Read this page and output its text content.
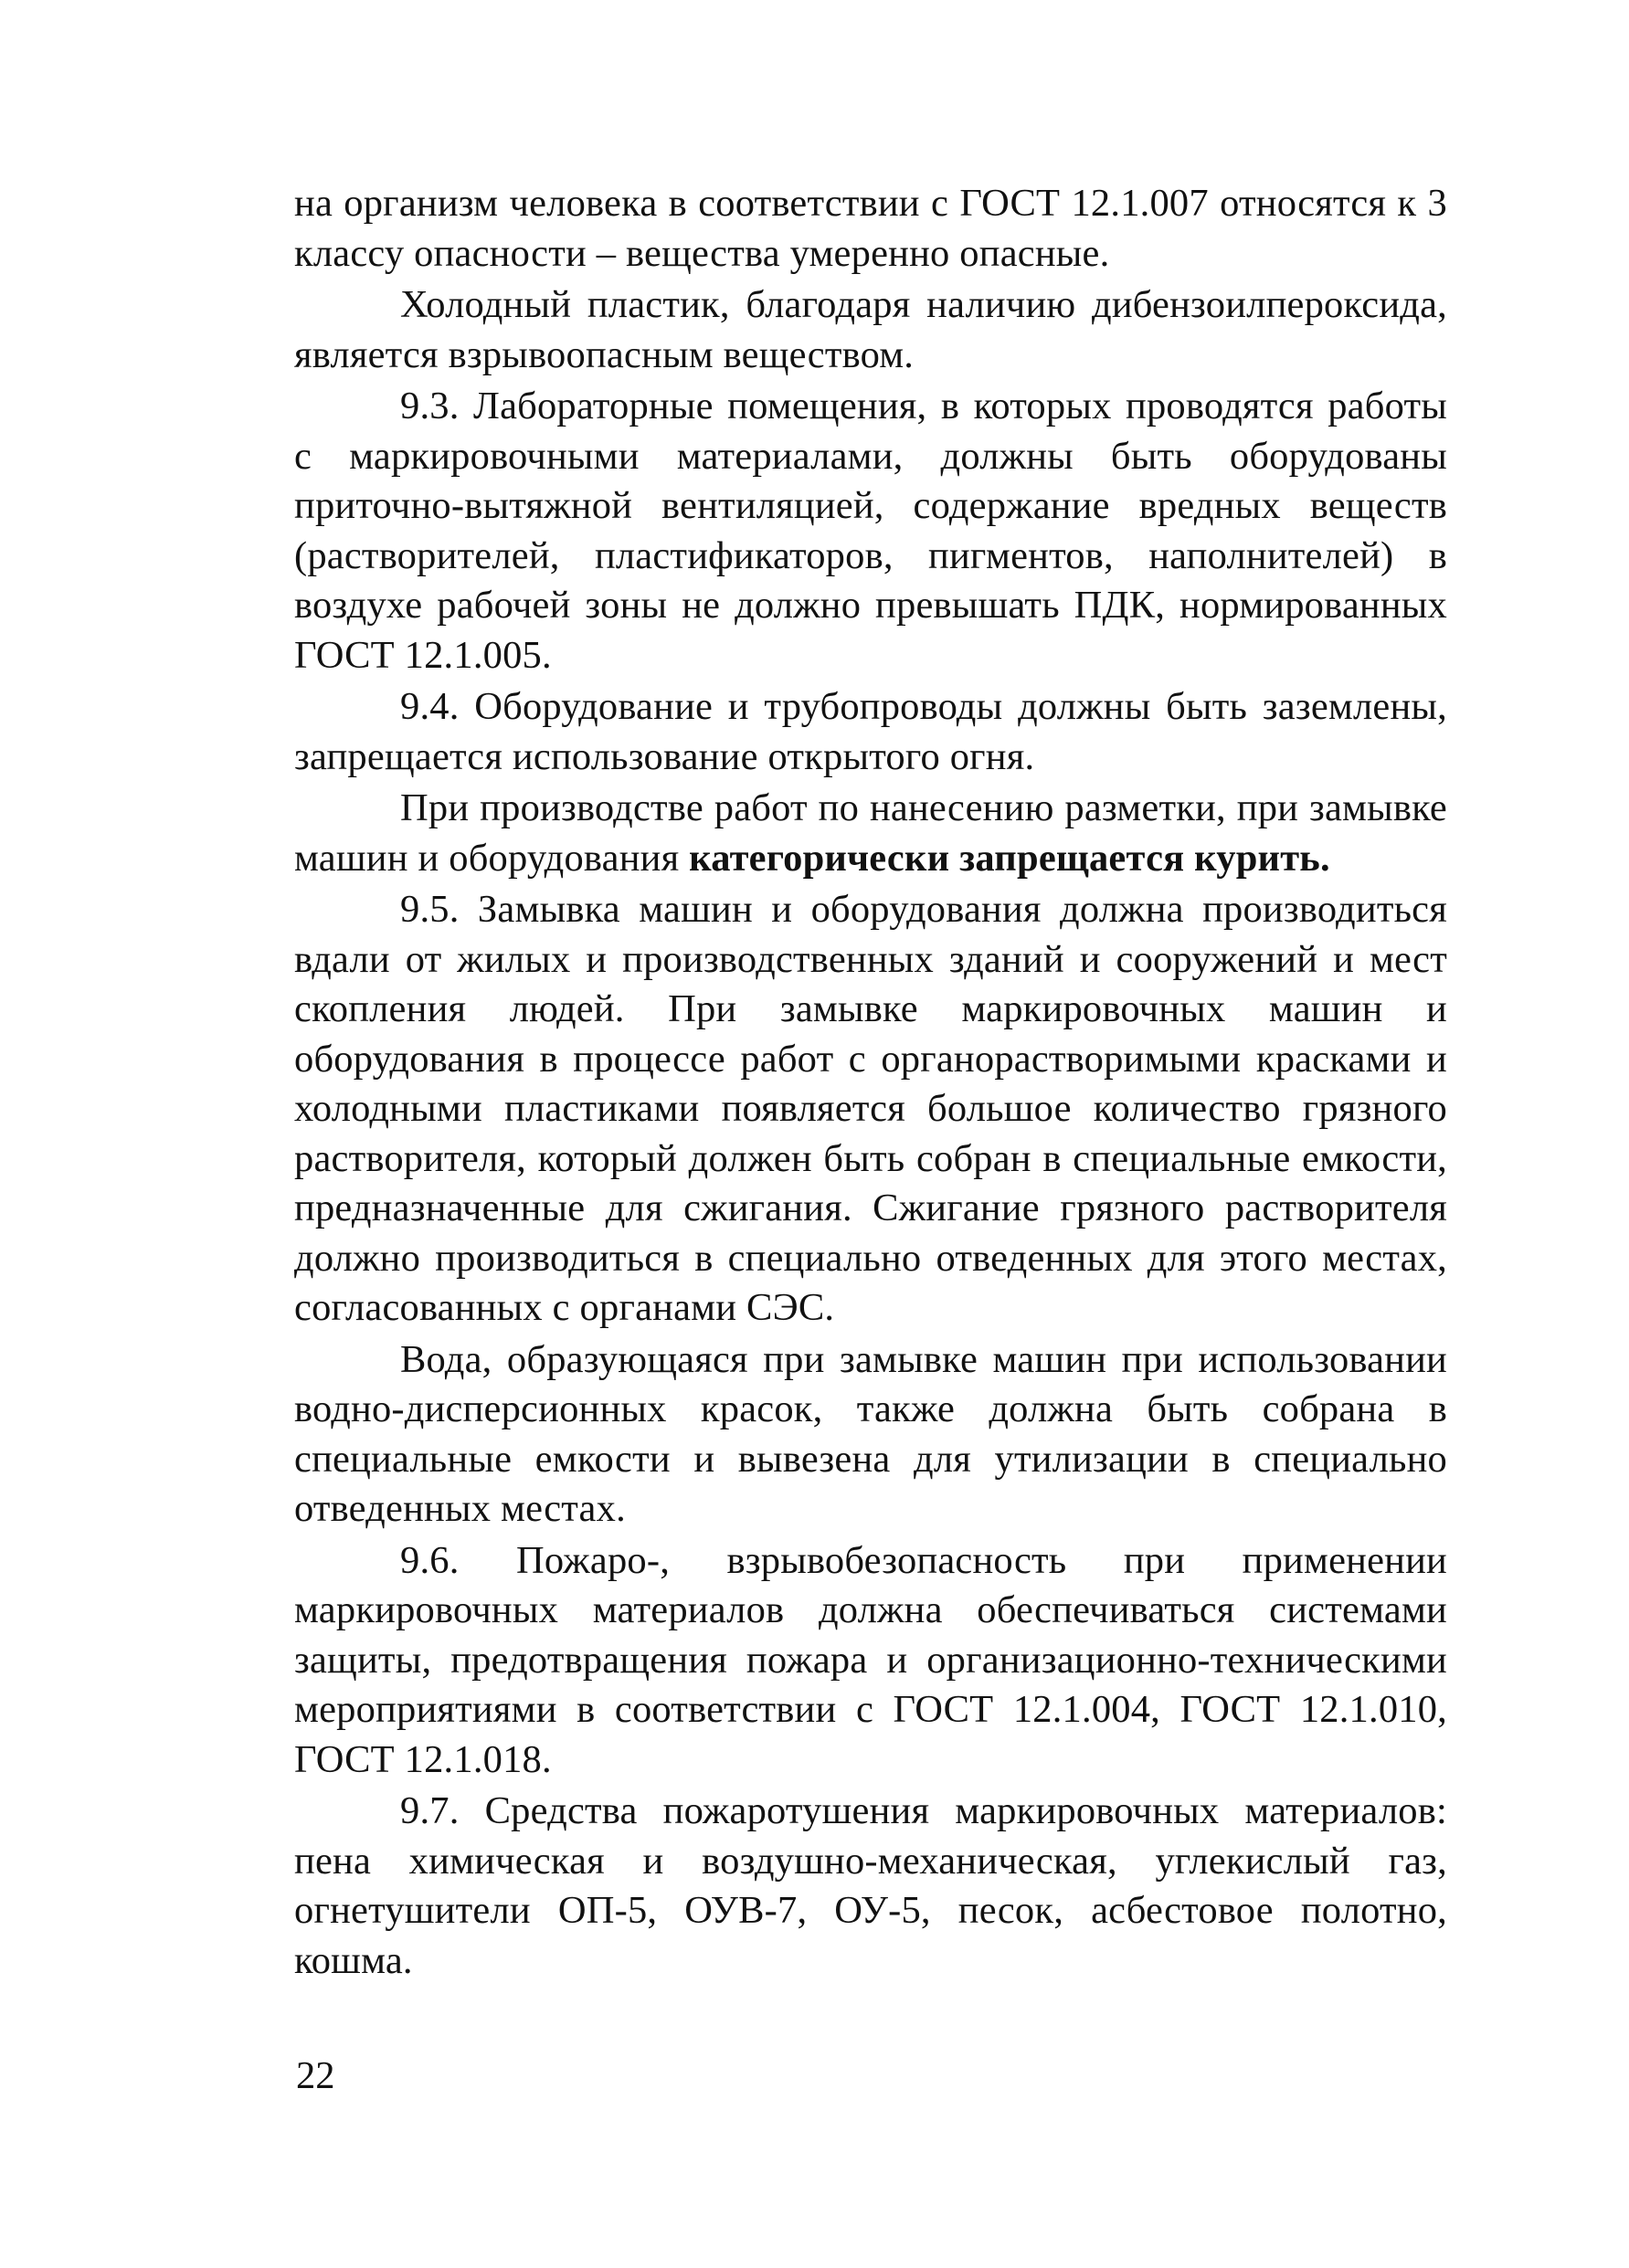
на организм человека в соответствии с ГОСТ 12.1.007 относятся к 3 классу опасности – вещества умеренно опасные.

Холодный пластик, благодаря наличию дибензоилпероксида, является взрывоопасным веществом.

9.3. Лабораторные помещения, в которых проводятся работы с маркировочными материалами, должны быть оборудованы приточно-вытяжной вентиляцией, содержание вредных веществ (растворителей, пластификаторов, пигментов, наполнителей) в воздухе рабочей зоны не должно превышать ПДК, нормированных ГОСТ 12.1.005.

9.4. Оборудование и трубопроводы должны быть заземлены, запрещается использование открытого огня.

При производстве работ по нанесению разметки, при замывке машин и оборудования категорически запрещается курить.

9.5. Замывка машин и оборудования должна производиться вдали от жилых и производственных зданий и сооружений и мест скопления людей. При замывке маркировочных машин и оборудования в процессе работ с органорастворимыми красками и холодными пластиками появляется большое количество грязного растворителя, который должен быть собран в специальные емкости, предназначенные для сжигания. Сжигание грязного растворителя должно производиться в специально отведенных для этого местах, согласованных с органами СЭС.

Вода, образующаяся при замывке машин при использовании водно-дисперсионных красок, также должна быть собрана в специальные емкости и вывезена для утилизации в специально отведенных местах.

9.6. Пожаро-, взрывобезопасность при применении маркировочных материалов должна обеспечиваться системами защиты, предотвращения пожара и организационно-техническими мероприятиями в соответствии с ГОСТ 12.1.004, ГОСТ 12.1.010, ГОСТ 12.1.018.

9.7. Средства пожаротушения маркировочных материалов: пена химическая и воздушно-механическая, углекислый газ, огнетушители ОП-5, ОУВ-7, ОУ-5, песок, асбестовое полотно, кошма.

22
